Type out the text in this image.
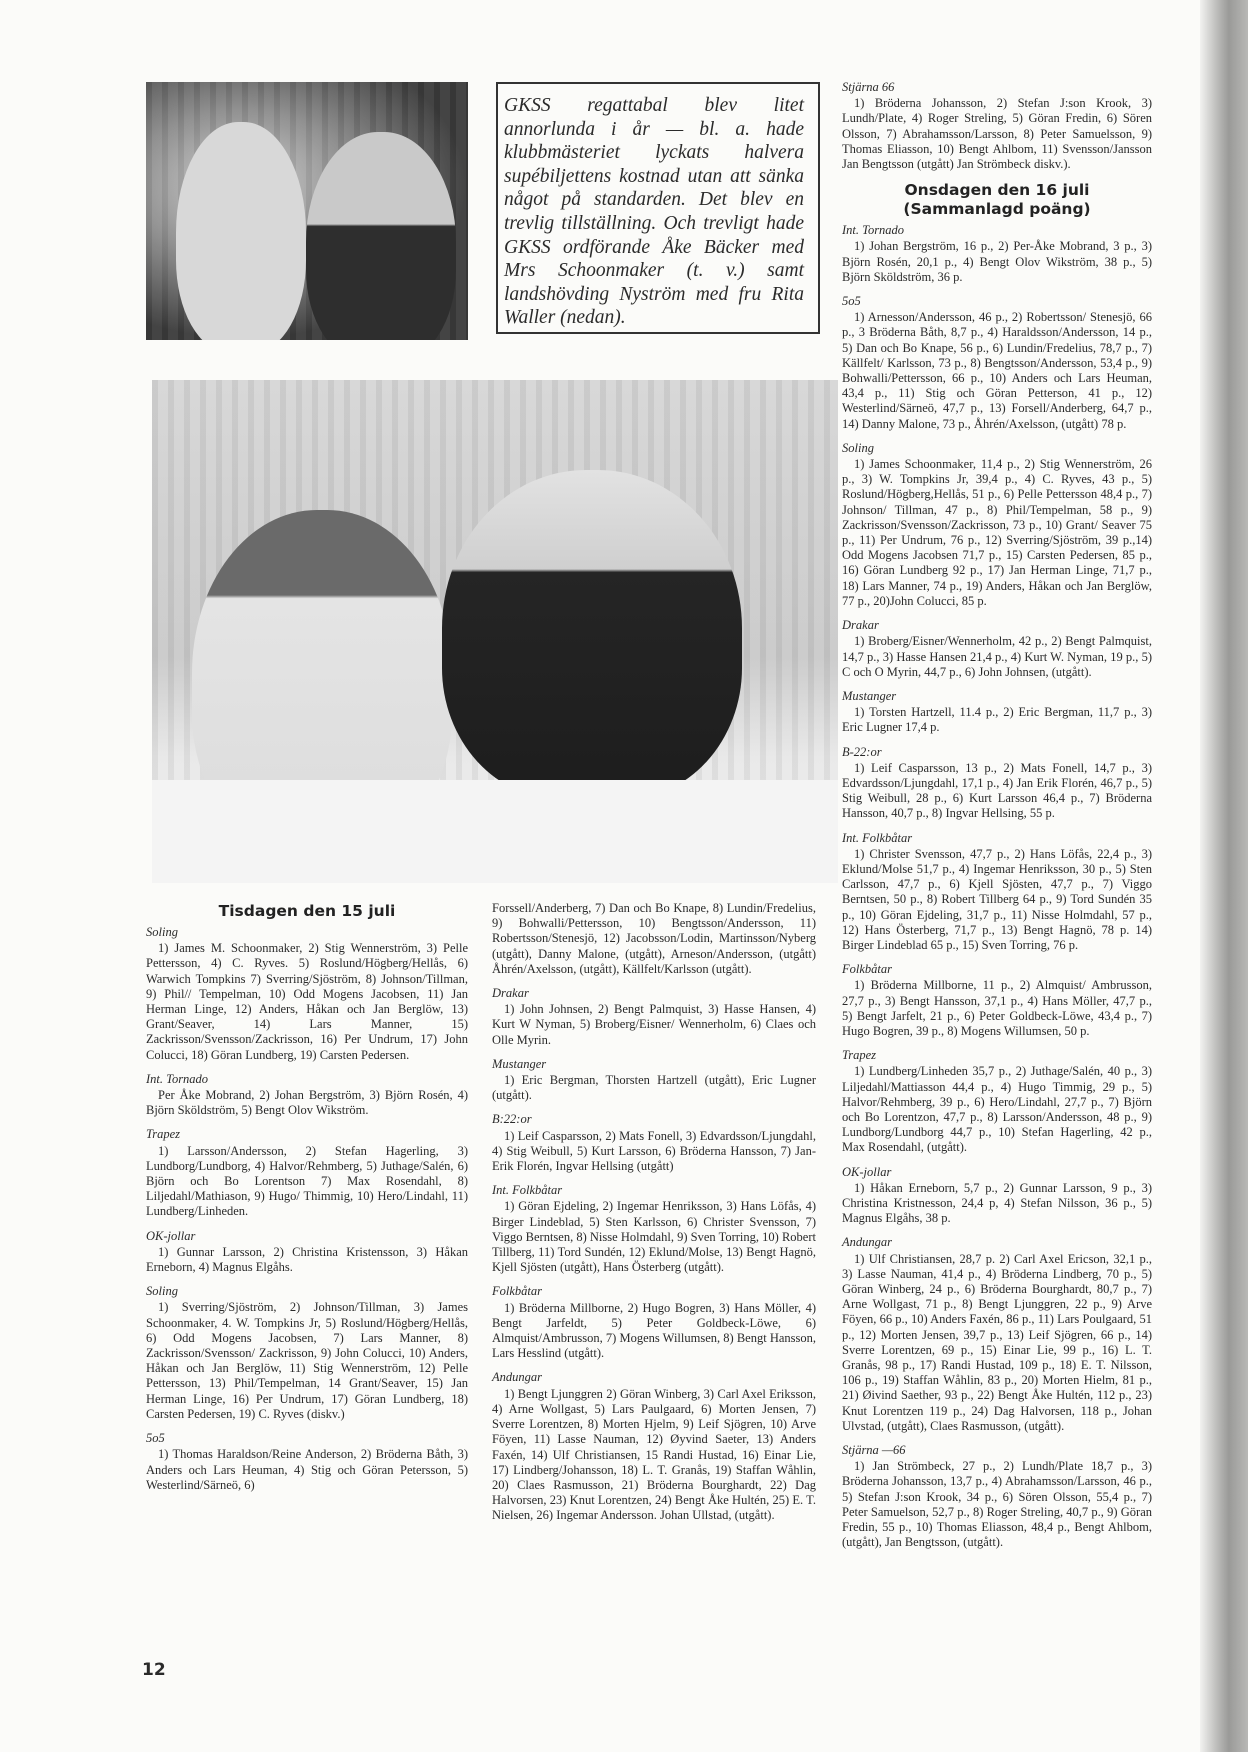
GKSS regattabal blev litet annorlunda i år — bl. a. hade klubbmästeriet lyckats halvera supébiljettens kostnad utan att sänka något på standarden. Det blev en trevlig tillställning. Och trevligt hade GKSS ordförande Åke Bäcker med Mrs Schoonmaker (t. v.) samt landshövding Nyström med fru Rita Waller (nedan).
Tisdagen den 15 juli
Soling
1) James M. Schoonmaker, 2) Stig Wennerström, 3) Pelle Pettersson, 4) C. Ryves. 5) Roslund/Högberg/Hellås, 6) Warwich Tompkins 7) Sverring/Sjöström, 8) Johnson/Tillman, 9) Phil// Tempelman, 10) Odd Mogens Jacobsen, 11) Jan Herman Linge, 12) Anders, Håkan och Jan Berglöw, 13) Grant/Seaver, 14) Lars Manner, 15) Zackrisson/Svensson/Zackrisson, 16) Per Undrum, 17) John Colucci, 18) Göran Lundberg, 19) Carsten Pedersen.
Int. Tornado
Per Åke Mobrand, 2) Johan Bergström, 3) Björn Rosén, 4) Björn Sköldström, 5) Bengt Olov Wikström.
Trapez
1) Larsson/Andersson, 2) Stefan Hagerling, 3) Lundborg/Lundborg, 4) Halvor/Rehmberg, 5) Juthage/Salén, 6) Björn och Bo Lorentson 7) Max Rosendahl, 8) Liljedahl/Mathiason, 9) Hugo/ Thimmig, 10) Hero/Lindahl, 11) Lundberg/Linheden.
OK-jollar
1) Gunnar Larsson, 2) Christina Kristensson, 3) Håkan Erneborn, 4) Magnus Elgåhs.
Soling
1) Sverring/Sjöström, 2) Johnson/Tillman, 3) James Schoonmaker, 4. W. Tompkins Jr, 5) Roslund/Högberg/Hellås, 6) Odd Mogens Jacobsen, 7) Lars Manner, 8) Zackrisson/Svensson/ Zackrisson, 9) John Colucci, 10) Anders, Håkan och Jan Berglöw, 11) Stig Wennerström, 12) Pelle Pettersson, 13) Phil/Tempelman, 14 Grant/Seaver, 15) Jan Herman Linge, 16) Per Undrum, 17) Göran Lundberg, 18) Carsten Pedersen, 19) C. Ryves (diskv.)
5o5
1) Thomas Haraldson/Reine Anderson, 2) Bröderna Båth, 3) Anders och Lars Heuman, 4) Stig och Göran Petersson, 5) Westerlind/Särneö, 6)
Forssell/Anderberg, 7) Dan och Bo Knape, 8) Lundin/Fredelius, 9) Bohwalli/Pettersson, 10) Bengtsson/Andersson, 11) Robertsson/Stenesjö, 12) Jacobsson/Lodin, Martinsson/Nyberg (utgått), Danny Malone, (utgått), Arneson/Andersson, (utgått) Åhrén/Axelsson, (utgått), Källfelt/Karlsson (utgått).
Drakar
1) John Johnsen, 2) Bengt Palmquist, 3) Hasse Hansen, 4) Kurt W Nyman, 5) Broberg/Eisner/ Wennerholm, 6) Claes och Olle Myrin.
Mustanger
1) Eric Bergman, Thorsten Hartzell (utgått), Eric Lugner (utgått).
B:22:or
1) Leif Casparsson, 2) Mats Fonell, 3) Edvardsson/Ljungdahl, 4) Stig Weibull, 5) Kurt Larsson, 6) Bröderna Hansson, 7) Jan-Erik Florén, Ingvar Hellsing (utgått)
Int. Folkbåtar
1) Göran Ejdeling, 2) Ingemar Henriksson, 3) Hans Löfås, 4) Birger Lindeblad, 5) Sten Karlsson, 6) Christer Svensson, 7) Viggo Berntsen, 8) Nisse Holmdahl, 9) Sven Torring, 10) Robert Tillberg, 11) Tord Sundén, 12) Eklund/Molse, 13) Bengt Hagnö, Kjell Sjösten (utgått), Hans Österberg (utgått).
Folkbåtar
1) Bröderna Millborne, 2) Hugo Bogren, 3) Hans Möller, 4) Bengt Jarfeldt, 5) Peter Goldbeck-Löwe, 6) Almquist/Ambrusson, 7) Mogens Willumsen, 8) Bengt Hansson, Lars Hesslind (utgått).
Andungar
1) Bengt Ljunggren 2) Göran Winberg, 3) Carl Axel Eriksson, 4) Arne Wollgast, 5) Lars Paulgaard, 6) Morten Jensen, 7) Sverre Lorentzen, 8) Morten Hjelm, 9) Leif Sjögren, 10) Arve Föyen, 11) Lasse Nauman, 12) Øyvind Saeter, 13) Anders Faxén, 14) Ulf Christiansen, 15 Randi Hustad, 16) Einar Lie, 17) Lindberg/Johansson, 18) L. T. Granås, 19) Staffan Wåhlin, 20) Claes Rasmusson, 21) Bröderna Bourghardt, 22) Dag Halvorsen, 23) Knut Lorentzen, 24) Bengt Åke Hultén, 25) E. T. Nielsen, 26) Ingemar Andersson. Johan Ullstad, (utgått).
Stjärna 66
1) Bröderna Johansson, 2) Stefan J:son Krook, 3) Lundh/Plate, 4) Roger Streling, 5) Göran Fredin, 6) Sören Olsson, 7) Abrahamsson/Larsson, 8) Peter Samuelsson, 9) Thomas Eliasson, 10) Bengt Ahlbom, 11) Svensson/Jansson Jan Bengtsson (utgått) Jan Strömbeck diskv.).
Onsdagen den 16 juli
(Sammanlagd poäng)
Int. Tornado
1) Johan Bergström, 16 p., 2) Per-Åke Mobrand, 3 p., 3) Björn Rosén, 20,1 p., 4) Bengt Olov Wikström, 38 p., 5) Björn Sköldström, 36 p.
5o5
1) Arnesson/Andersson, 46 p., 2) Robertsson/ Stenesjö, 66 p., 3 Bröderna Båth, 8,7 p., 4) Haraldsson/Andersson, 14 p., 5) Dan och Bo Knape, 56 p., 6) Lundin/Fredelius, 78,7 p., 7) Källfelt/ Karlsson, 73 p., 8) Bengtsson/Andersson, 53,4 p., 9) Bohwalli/Pettersson, 66 p., 10) Anders och Lars Heuman, 43,4 p., 11) Stig och Göran Petterson, 41 p., 12) Westerlind/Särneö, 47,7 p., 13) Forsell/Anderberg, 64,7 p., 14) Danny Malone, 73 p., Åhrén/Axelsson, (utgått) 78 p.
Soling
1) James Schoonmaker, 11,4 p., 2) Stig Wennerström, 26 p., 3) W. Tompkins Jr, 39,4 p., 4) C. Ryves, 43 p., 5) Roslund/Högberg,Hellås, 51 p., 6) Pelle Pettersson 48,4 p., 7) Johnson/ Tillman, 47 p., 8) Phil/Tempelman, 58 p., 9) Zackrisson/Svensson/Zackrisson, 73 p., 10) Grant/ Seaver 75 p., 11) Per Undrum, 76 p., 12) Sverring/Sjöström, 39 p.,14) Odd Mogens Jacobsen 71,7 p., 15) Carsten Pedersen, 85 p., 16) Göran Lundberg 92 p., 17) Jan Herman Linge, 71,7 p., 18) Lars Manner, 74 p., 19) Anders, Håkan och Jan Berglöw, 77 p., 20)John Colucci, 85 p.
Drakar
1) Broberg/Eisner/Wennerholm, 42 p., 2) Bengt Palmquist, 14,7 p., 3) Hasse Hansen 21,4 p., 4) Kurt W. Nyman, 19 p., 5) C och O Myrin, 44,7 p., 6) John Johnsen, (utgått).
Mustanger
1) Torsten Hartzell, 11.4 p., 2) Eric Bergman, 11,7 p., 3) Eric Lugner 17,4 p.
B-22:or
1) Leif Casparsson, 13 p., 2) Mats Fonell, 14,7 p., 3) Edvardsson/Ljungdahl, 17,1 p., 4) Jan Erik Florén, 46,7 p., 5) Stig Weibull, 28 p., 6) Kurt Larsson 46,4 p., 7) Bröderna Hansson, 40,7 p., 8) Ingvar Hellsing, 55 p.
Int. Folkbåtar
1) Christer Svensson, 47,7 p., 2) Hans Löfås, 22,4 p., 3) Eklund/Molse 51,7 p., 4) Ingemar Henriksson, 30 p., 5) Sten Carlsson, 47,7 p., 6) Kjell Sjösten, 47,7 p., 7) Viggo Berntsen, 50 p., 8) Robert Tillberg 64 p., 9) Tord Sundén 35 p., 10) Göran Ejdeling, 31,7 p., 11) Nisse Holmdahl, 57 p., 12) Hans Österberg, 71,7 p., 13) Bengt Hagnö, 78 p. 14) Birger Lindeblad 65 p., 15) Sven Torring, 76 p.
Folkbåtar
1) Bröderna Millborne, 11 p., 2) Almquist/ Ambrusson, 27,7 p., 3) Bengt Hansson, 37,1 p., 4) Hans Möller, 47,7 p., 5) Bengt Jarfelt, 21 p., 6) Peter Goldbeck-Löwe, 43,4 p., 7) Hugo Bogren, 39 p., 8) Mogens Willumsen, 50 p.
Trapez
1) Lundberg/Linheden 35,7 p., 2) Juthage/Salén, 40 p., 3) Liljedahl/Mattiasson 44,4 p., 4) Hugo Timmig, 29 p., 5) Halvor/Rehmberg, 39 p., 6) Hero/Lindahl, 27,7 p., 7) Björn och Bo Lorentzon, 47,7 p., 8) Larsson/Andersson, 48 p., 9) Lundborg/Lundborg 44,7 p., 10) Stefan Hagerling, 42 p., Max Rosendahl, (utgått).
OK-jollar
1) Håkan Erneborn, 5,7 p., 2) Gunnar Larsson, 9 p., 3) Christina Kristnesson, 24,4 p, 4) Stefan Nilsson, 36 p., 5) Magnus Elgåhs, 38 p.
Andungar
1) Ulf Christiansen, 28,7 p. 2) Carl Axel Ericson, 32,1 p., 3) Lasse Nauman, 41,4 p., 4) Bröderna Lindberg, 70 p., 5) Göran Winberg, 24 p., 6) Bröderna Bourghardt, 80,7 p., 7) Arne Wollgast, 71 p., 8) Bengt Ljunggren, 22 p., 9) Arve Föyen, 66 p., 10) Anders Faxén, 86 p., 11) Lars Poulgaard, 51 p., 12) Morten Jensen, 39,7 p., 13) Leif Sjögren, 66 p., 14) Sverre Lorentzen, 69 p., 15) Einar Lie, 99 p., 16) L. T. Granås, 98 p., 17) Randi Hustad, 109 p., 18) E. T. Nilsson, 106 p., 19) Staffan Wåhlin, 83 p., 20) Morten Hielm, 81 p., 21) Øivind Saether, 93 p., 22) Bengt Åke Hultén, 112 p., 23) Knut Lorentzen 119 p., 24) Dag Halvorsen, 118 p., Johan Ulvstad, (utgått), Claes Rasmusson, (utgått).
Stjärna —66
1) Jan Strömbeck, 27 p., 2) Lundh/Plate 18,7 p., 3) Bröderna Johansson, 13,7 p., 4) Abrahamsson/Larsson, 46 p., 5) Stefan J:son Krook, 34 p., 6) Sören Olsson, 55,4 p., 7) Peter Samuelson, 52,7 p., 8) Roger Streling, 40,7 p., 9) Göran Fredin, 55 p., 10) Thomas Eliasson, 48,4 p., Bengt Ahlbom, (utgått), Jan Bengtsson, (utgått).
12
